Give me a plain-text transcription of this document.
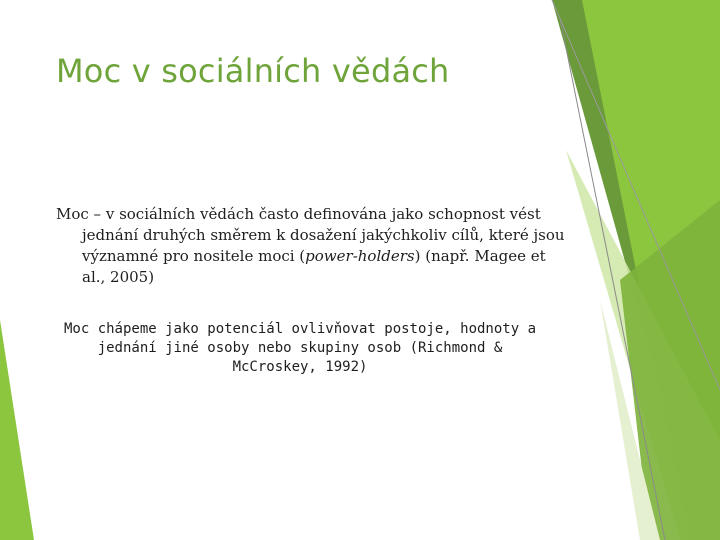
Moc v sociálních vědách
Moc – v sociálních vědách často definována jako schopnost vést
jednání druhých směrem k dosažení jakýchkoliv cílů, které jsou
významné pro nositele moci (power-holders) (např. Magee et
al., 2005)
Moc chápeme jako potenciál ovlivňovat postoje, hodnoty a
jednání jiné osoby nebo skupiny osob (Richmond &
McCroskey, 1992)
